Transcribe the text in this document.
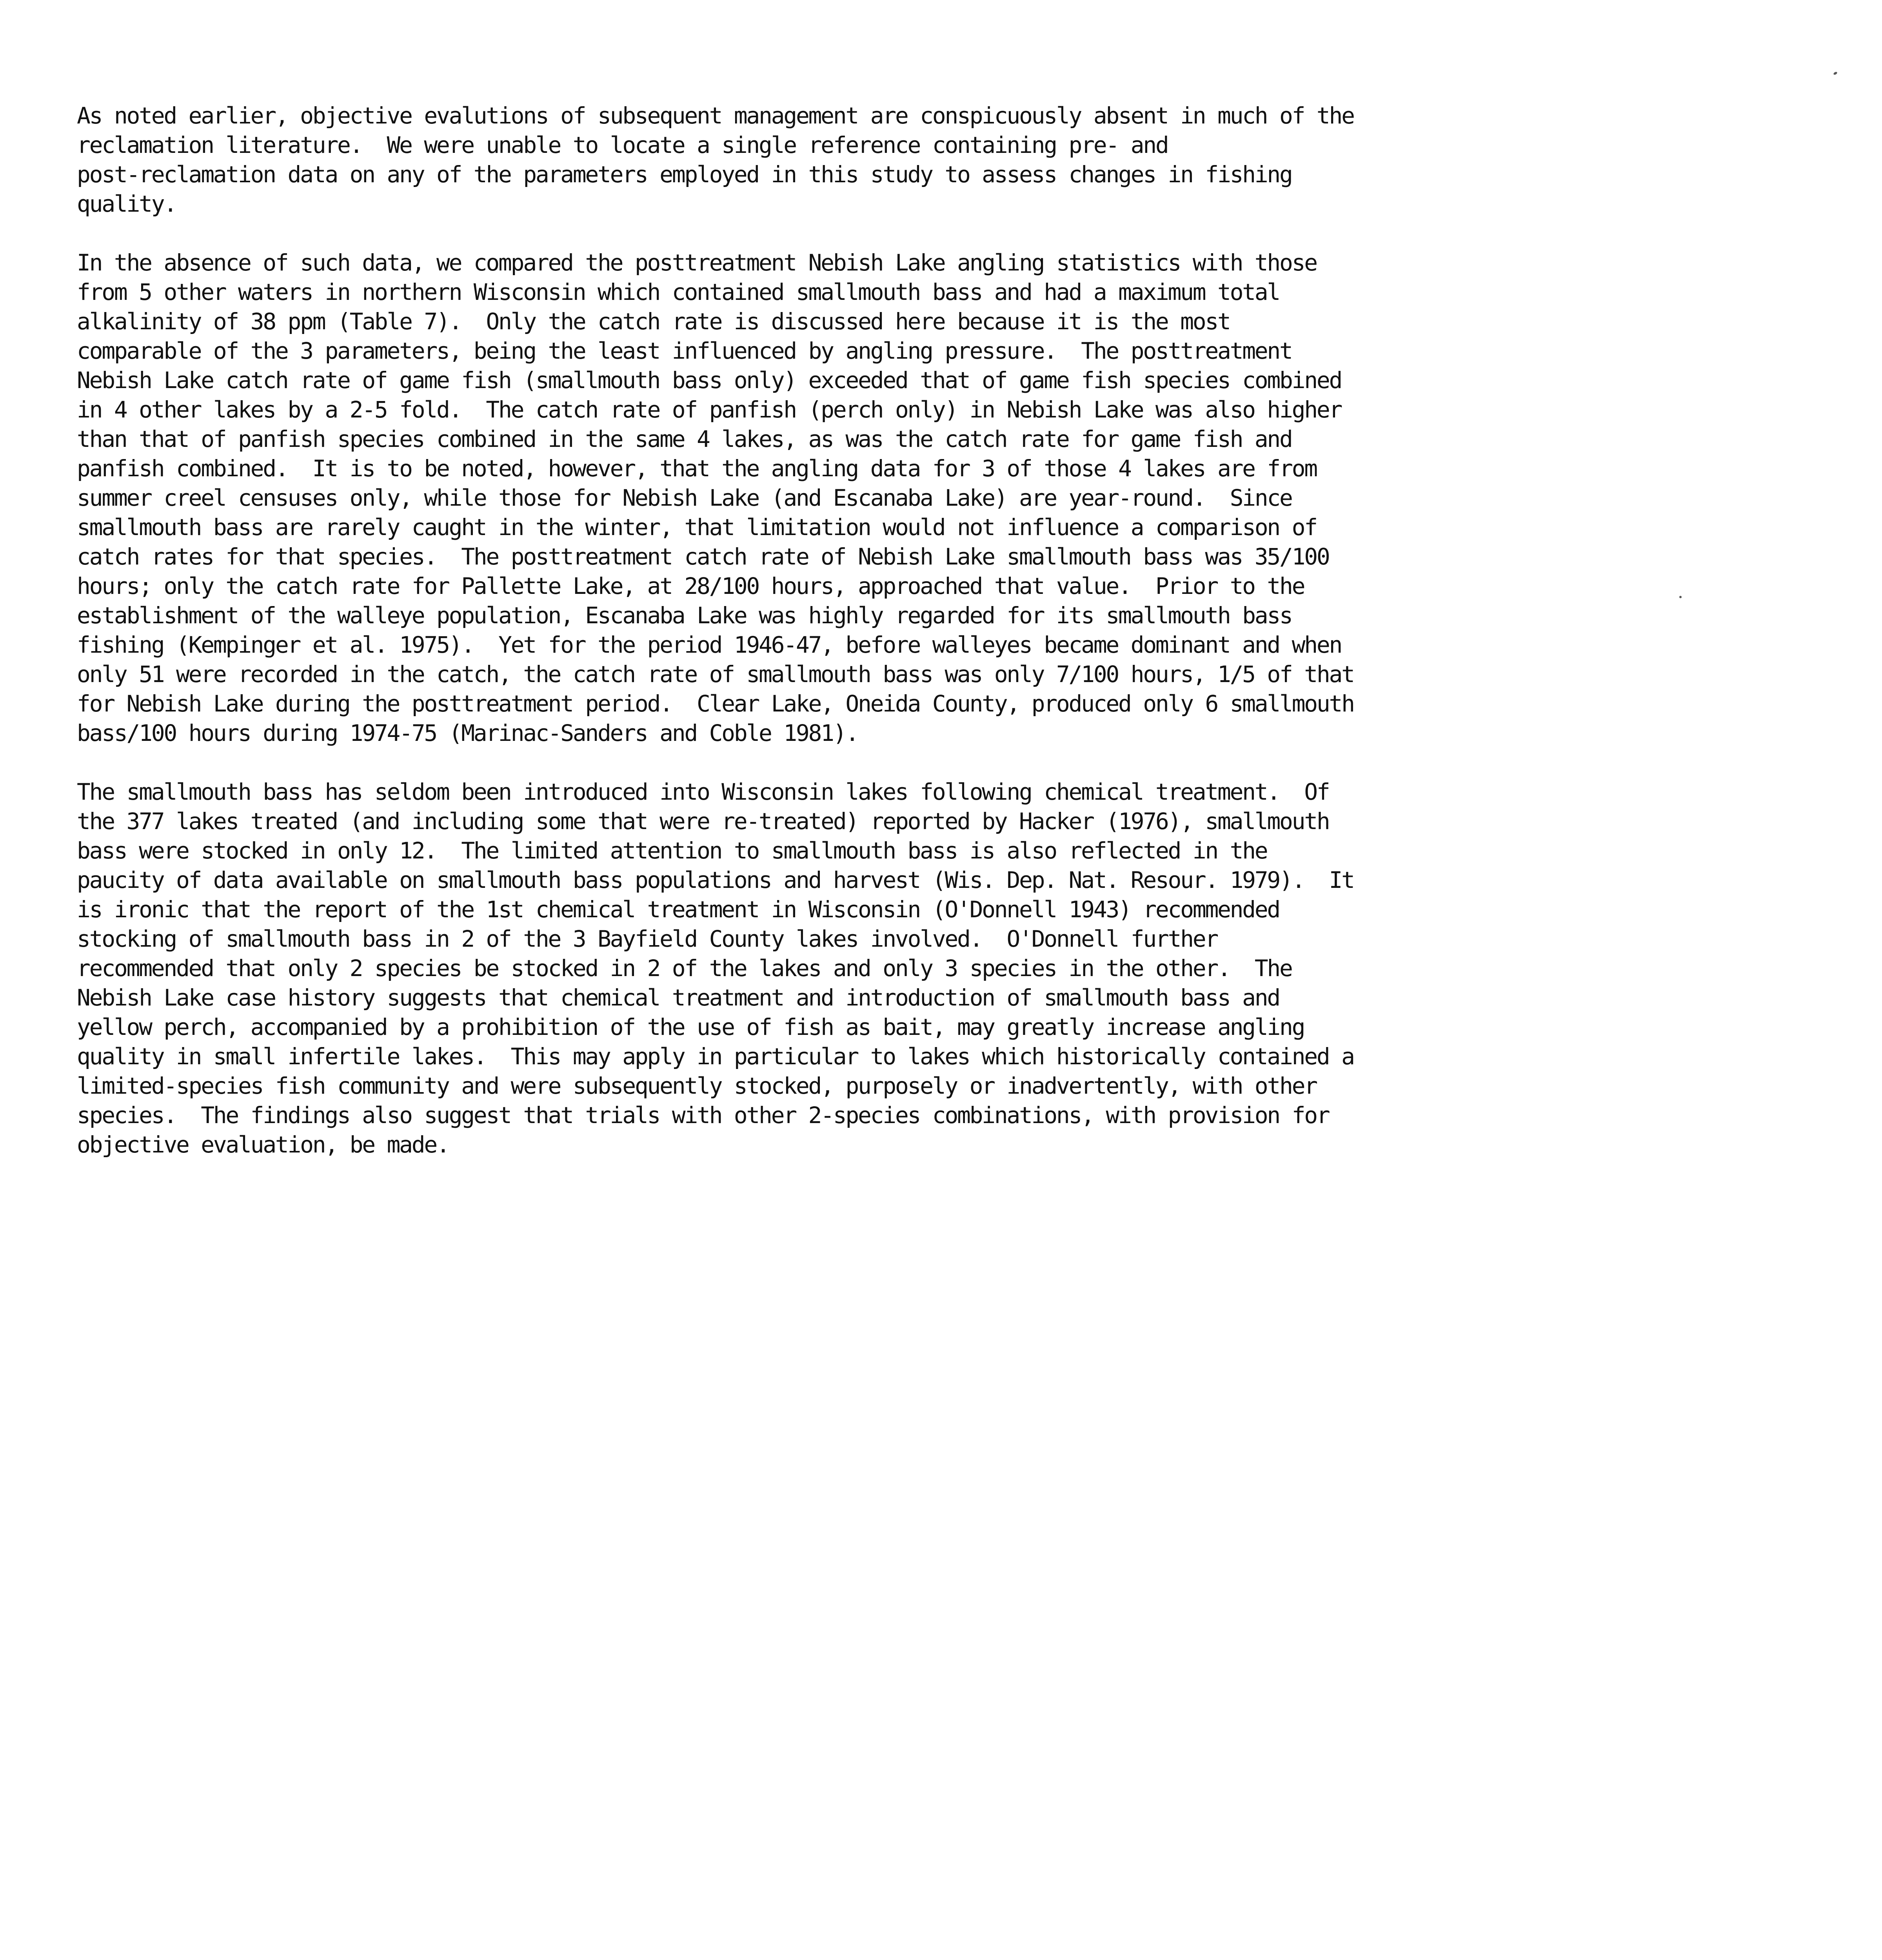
As noted earlier, objective evalutions of subsequent management are conspicuously absent in much of the
reclamation literature.  We were unable to locate a single reference containing pre- and
post-reclamation data on any of the parameters employed in this study to assess changes in fishing
quality.

In the absence of such data, we compared the posttreatment Nebish Lake angling statistics with those
from 5 other waters in northern Wisconsin which contained smallmouth bass and had a maximum total
alkalinity of 38 ppm (Table 7).  Only the catch rate is discussed here because it is the most
comparable of the 3 parameters, being the least influenced by angling pressure.  The posttreatment
Nebish Lake catch rate of game fish (smallmouth bass only) exceeded that of game fish species combined
in 4 other lakes by a 2-5 fold.  The catch rate of panfish (perch only) in Nebish Lake was also higher
than that of panfish species combined in the same 4 lakes, as was the catch rate for game fish and
panfish combined.  It is to be noted, however, that the angling data for 3 of those 4 lakes are from
summer creel censuses only, while those for Nebish Lake (and Escanaba Lake) are year-round.  Since
smallmouth bass are rarely caught in the winter, that limitation would not influence a comparison of
catch rates for that species.  The posttreatment catch rate of Nebish Lake smallmouth bass was 35/100
hours; only the catch rate for Pallette Lake, at 28/100 hours, approached that value.  Prior to the
establishment of the walleye population, Escanaba Lake was highly regarded for its smallmouth bass
fishing (Kempinger et al. 1975).  Yet for the period 1946-47, before walleyes became dominant and when
only 51 were recorded in the catch, the catch rate of smallmouth bass was only 7/100 hours, 1/5 of that
for Nebish Lake during the posttreatment period.  Clear Lake, Oneida County, produced only 6 smallmouth
bass/100 hours during 1974-75 (Marinac-Sanders and Coble 1981).

The smallmouth bass has seldom been introduced into Wisconsin lakes following chemical treatment.  Of
the 377 lakes treated (and including some that were re-treated) reported by Hacker (1976), smallmouth
bass were stocked in only 12.  The limited attention to smallmouth bass is also reflected in the
paucity of data available on smallmouth bass populations and harvest (Wis. Dep. Nat. Resour. 1979).  It
is ironic that the report of the 1st chemical treatment in Wisconsin (O'Donnell 1943) recommended
stocking of smallmouth bass in 2 of the 3 Bayfield County lakes involved.  O'Donnell further
recommended that only 2 species be stocked in 2 of the lakes and only 3 species in the other.  The
Nebish Lake case history suggests that chemical treatment and introduction of smallmouth bass and
yellow perch, accompanied by a prohibition of the use of fish as bait, may greatly increase angling
quality in small infertile lakes.  This may apply in particular to lakes which historically contained a
limited-species fish community and were subsequently stocked, purposely or inadvertently, with other
species.  The findings also suggest that trials with other 2-species combinations, with provision for
objective evaluation, be made.
